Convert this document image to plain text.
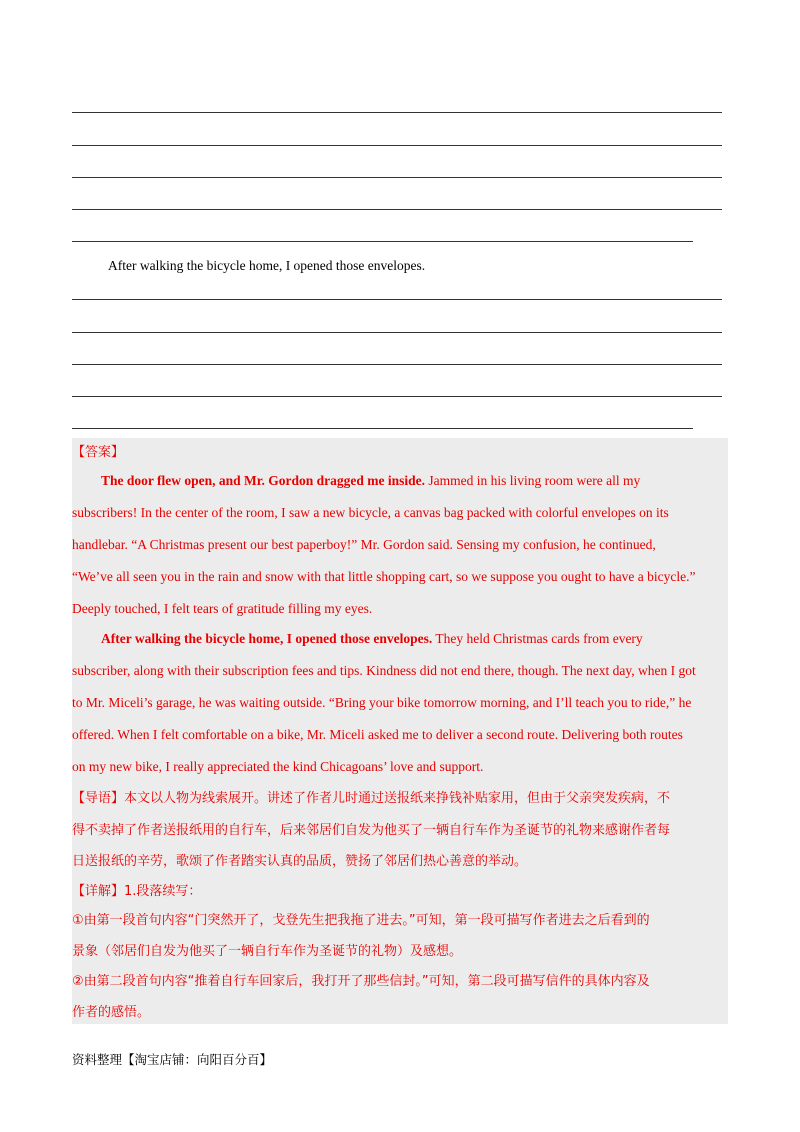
After walking the bicycle home, I opened those envelopes.
【答案】
The door flew open, and Mr. Gordon dragged me inside. Jammed in his living room were all my
subscribers! In the center of the room, I saw a new bicycle, a canvas bag packed with colorful envelopes on its
handlebar. “A Christmas present our best paperboy!” Mr. Gordon said. Sensing my confusion, he continued,
“We’ve all seen you in the rain and snow with that little shopping cart, so we suppose you ought to have a bicycle.”
Deeply touched, I felt tears of gratitude filling my eyes.
After walking the bicycle home, I opened those envelopes. They held Christmas cards from every
subscriber, along with their subscription fees and tips. Kindness did not end there, though. The next day, when I got
to Mr. Miceli’s garage, he was waiting outside. “Bring your bike tomorrow morning, and I’ll teach you to ride,” he
offered. When I felt comfortable on a bike, Mr. Miceli asked me to deliver a second route. Delivering both routes
on my new bike, I really appreciated the kind Chicagoans’ love and support.
【导语】本文以人物为线索展开。讲述了作者儿时通过送报纸来挣钱补贴家用，但由于父亲突发疾病，不
得不卖掉了作者送报纸用的自行车，后来邻居们自发为他买了一辆自行车作为圣诞节的礼物来感谢作者每
日送报纸的辛劳，歌颂了作者踏实认真的品质，赞扬了邻居们热心善意的举动。
【详解】1.段落续写：
①由第一段首句内容“门突然开了，戈登先生把我拖了进去。”可知，第一段可描写作者进去之后看到的
景象（邻居们自发为他买了一辆自行车作为圣诞节的礼物）及感想。
②由第二段首句内容“推着自行车回家后，我打开了那些信封。”可知，第二段可描写信件的具体内容及
作者的感悟。
资料整理【淘宝店铺：向阳百分百】
